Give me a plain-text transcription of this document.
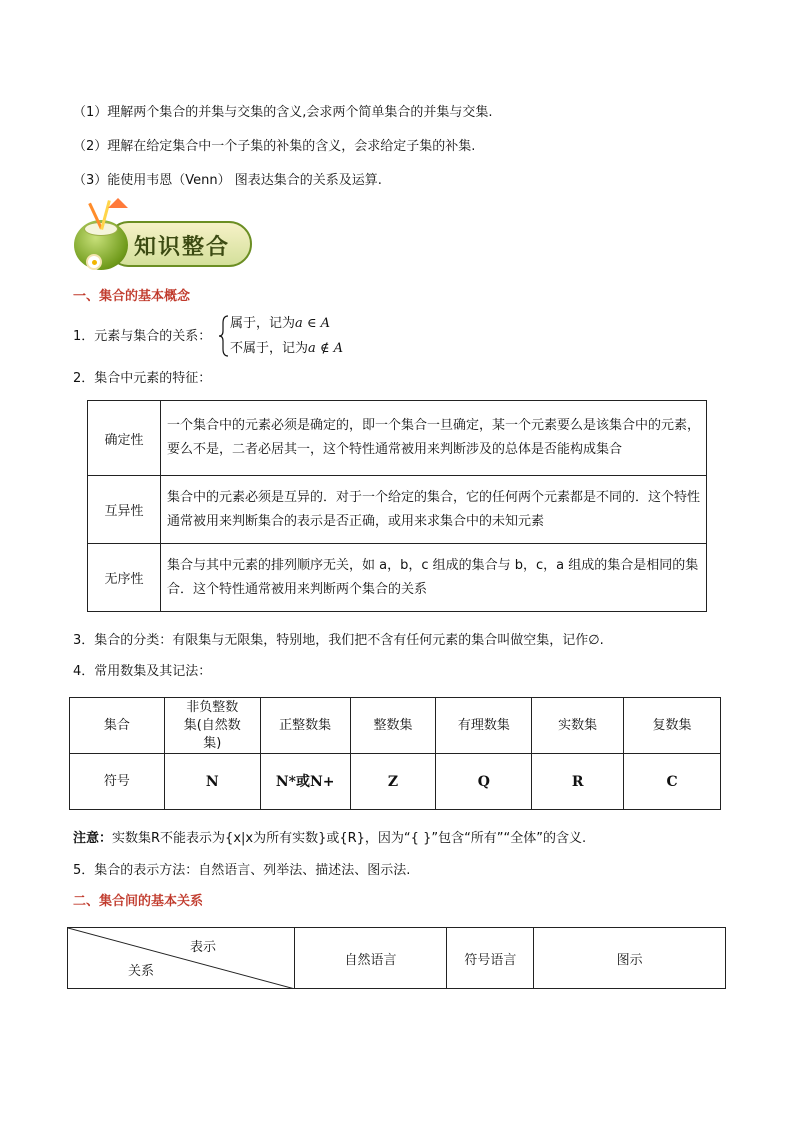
（1）理解两个集合的并集与交集的含义,会求两个简单集合的并集与交集.
（2）理解在给定集合中一个子集的补集的含义，会求给定子集的补集.
（3）能使用韦恩（Venn） 图表达集合的关系及运算.
知识整合
一、集合的基本概念
1．元素与集合的关系：
属于，记为a ∈ A
不属于，记为a ∉ A
2．集合中元素的特征：
确定性	一个集合中的元素必须是确定的，即一个集合一旦确定，某一个元素要么是该集合中的元素，要么不是，二者必居其一，这个特性通常被用来判断涉及的总体是否能构成集合
互异性	集合中的元素必须是互异的．对于一个给定的集合，它的任何两个元素都是不同的．这个特性通常被用来判断集合的表示是否正确，或用来求集合中的未知元素
无序性	集合与其中元素的排列顺序无关，如 a，b，c 组成的集合与 b，c，a 组成的集合是相同的集合．这个特性通常被用来判断两个集合的关系
3．集合的分类：有限集与无限集，特别地，我们把不含有任何元素的集合叫做空集，记作∅.
4．常用数集及其记法：
集合	非负整数集(自然数集)	正整数集	整数集	有理数集	实数集	复数集
符号	N	N*或N+	Z	Q	R	C
注意：实数集R不能表示为{x|x为所有实数}或{R}，因为“{ }”包含“所有”“全体”的含义.
5．集合的表示方法：自然语言、列举法、描述法、图示法.
二、集合间的基本关系
表示
关系
	自然语言	符号语言	图示
